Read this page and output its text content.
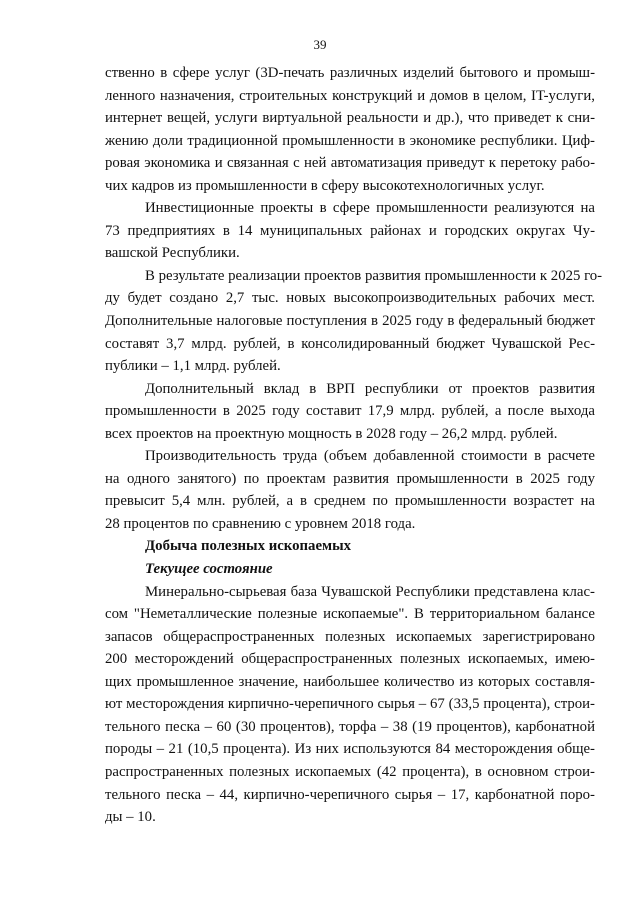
39
ственно в сфере услуг (3D-печать различных изделий бытового и промыш-
ленного назначения, строительных конструкций и домов в целом, IT-услуги,
интернет вещей, услуги виртуальной реальности и др.), что приведет к сни-
жению доли традиционной промышленности в экономике республики. Циф-
ровая экономика и связанная с ней автоматизация приведут к перетоку рабо-
чих кадров из промышленности в сферу высокотехнологичных услуг.
Инвестиционные проекты в сфере промышленности реализуются на
73 предприятиях в 14 муниципальных районах и городских округах Чу-
вашской Республики.
В результате реализации проектов развития промышленности к 2025 го-
ду будет создано 2,7 тыс. новых высокопроизводительных рабочих мест.
Дополнительные налоговые поступления в 2025 году в федеральный бюджет
составят 3,7 млрд. рублей, в консолидированный бюджет Чувашской Рес-
публики – 1,1 млрд. рублей.
Дополнительный вклад в ВРП республики от проектов развития
промышленности в 2025 году составит 17,9 млрд. рублей, а после выхода
всех проектов на проектную мощность в 2028 году – 26,2 млрд. рублей.
Производительность труда (объем добавленной стоимости в расчете
на одного занятого) по проектам развития промышленности в 2025 году
превысит 5,4 млн. рублей, а в среднем по промышленности возрастет на
28 процентов по сравнению с уровнем 2018 года.
Добыча полезных ископаемых
Текущее состояние
Минерально-сырьевая база Чувашской Республики представлена клас-
сом "Неметаллические полезные ископаемые". В территориальном балансе
запасов общераспространенных полезных ископаемых зарегистрировано
200 месторождений общераспространенных полезных ископаемых, имею-
щих промышленное значение, наибольшее количество из которых составля-
ют месторождения кирпично-черепичного сырья – 67 (33,5 процента), строи-
тельного песка – 60 (30 процентов), торфа – 38 (19 процентов), карбонатной
породы – 21 (10,5 процента). Из них используются 84 месторождения обще-
распространенных полезных ископаемых (42 процента), в основном строи-
тельного песка – 44, кирпично-черепичного сырья – 17, карбонатной поро-
ды – 10.
